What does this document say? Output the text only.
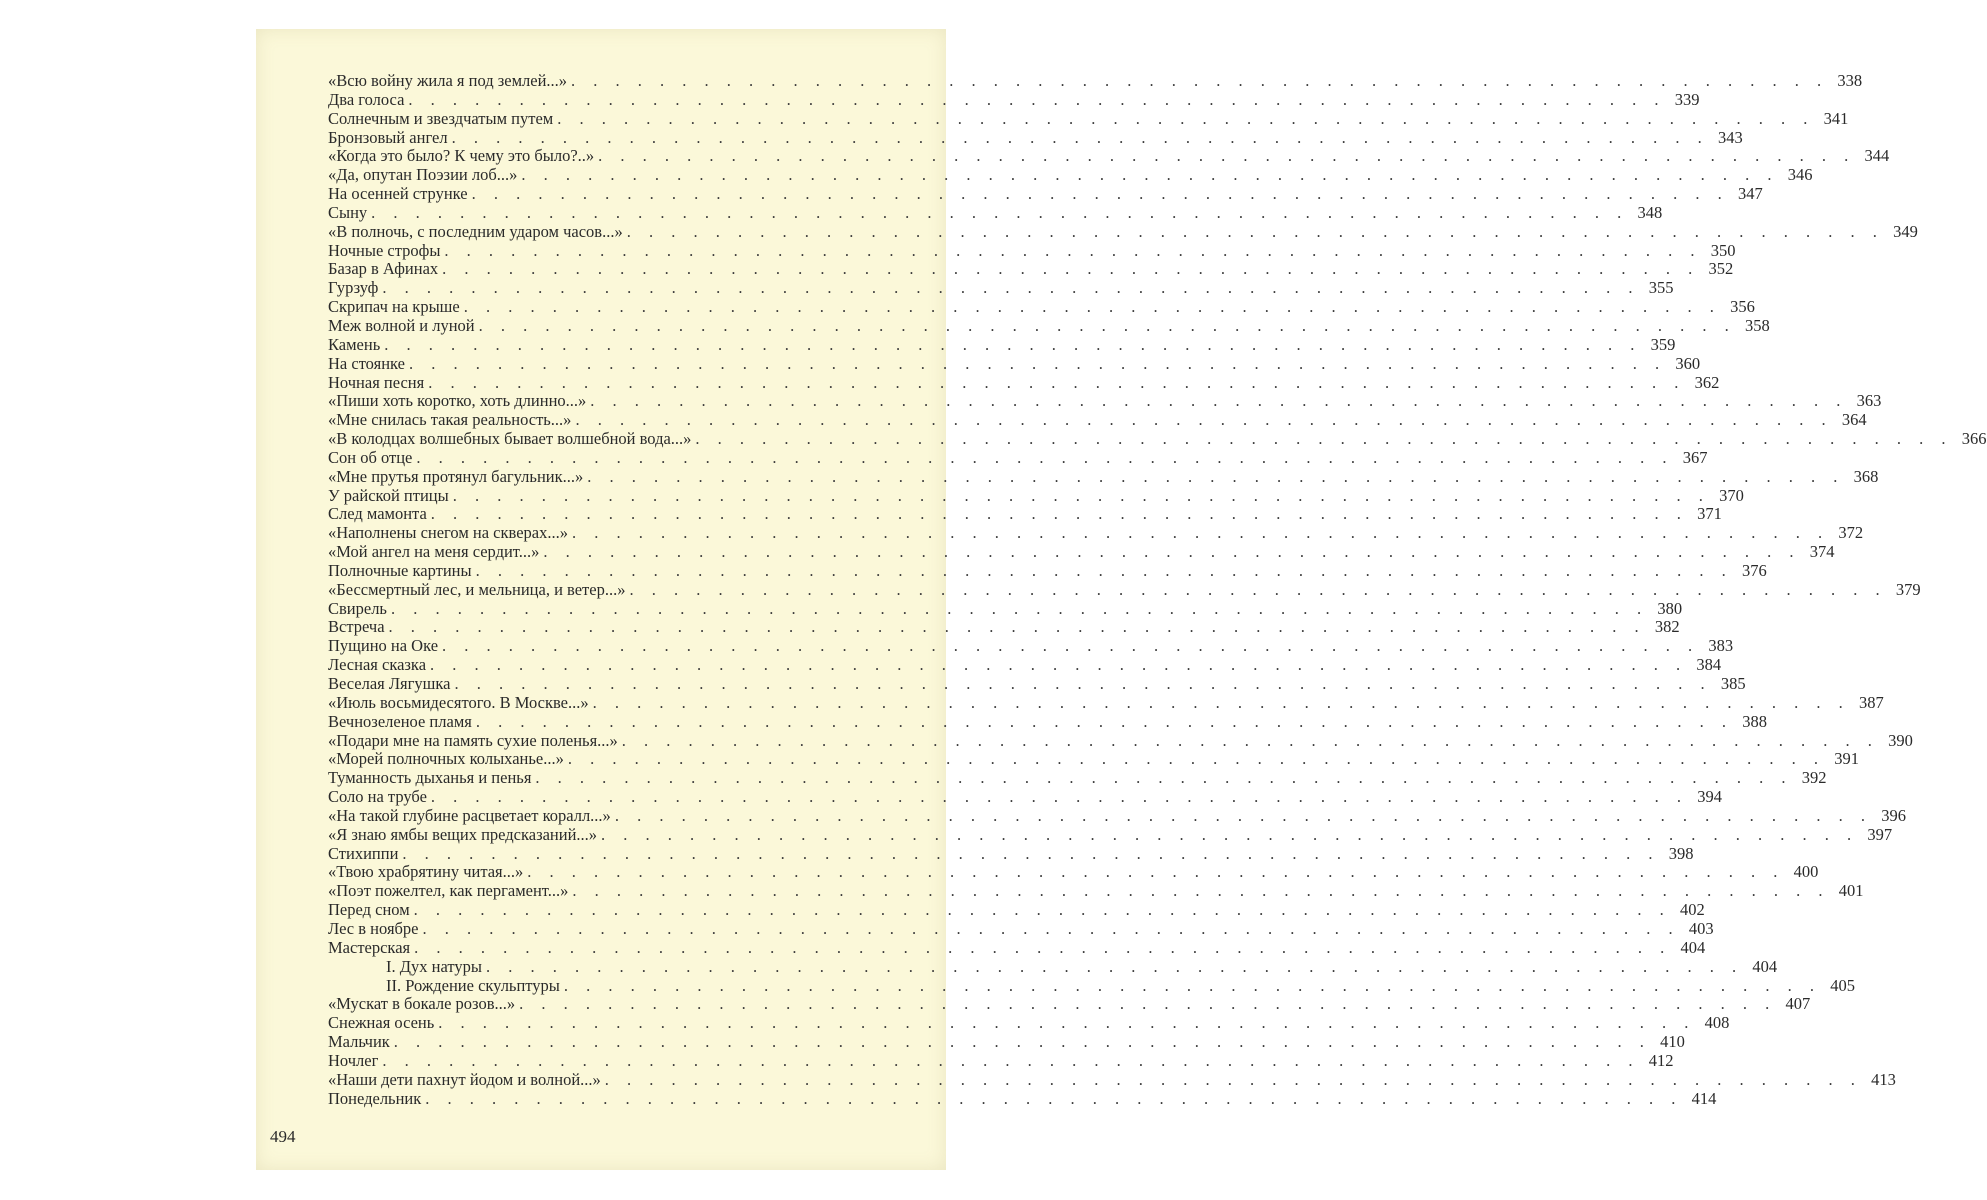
«Всю войну жила я под землей...» . . .	338
Два голоса . . .	339
Солнечным и звездчатым путем . . .	341
Бронзовый ангел . . .	343
«Когда это было? К чему это было?..» . . .	344
«Да, опутан Поэзии лоб...» . . .	346
На осенней струнке . . .	347
Сыну . . .	348
«В полночь, с последним ударом часов...» . . .	349
Ночные строфы . . .	350
Базар в Афинах . . .	352
Гурзуф . . .	355
Скрипач на крыше . . .	356
Меж волной и луной . . .	358
Камень . . .	359
На стоянке . . .	360
Ночная песня . . .	362
«Пиши хоть коротко, хоть длинно...» . . .	363
«Мне снилась такая реальность...» . . .	364
«В колодцах волшебных бывает волшебной вода...» . . .	366
Сон об отце . . .	367
«Мне прутья протянул багульник...» . . .	368
У райской птицы . . .	370
След мамонта . . .	371
«Наполнены снегом на скверах...» . . .	372
«Мой ангел на меня сердит...» . . .	374
Полночные картины . . .	376
«Бессмертный лес, и мельница, и ветер...» . . .	379
Свирель . . .	380
Встреча . . .	382
Пущино на Оке . . .	383
Лесная сказка . . .	384
Веселая Лягушка . . .	385
«Июль восьмидесятого. В Москве...» . . .	387
Вечнозеленое пламя . . .	388
«Подари мне на память сухие поленья...» . . .	390
«Морей полночных колыханье...» . . .	391
Туманность дыханья и пенья . . .	392
Соло на трубе . . .	394
«На такой глубине расцветает коралл...» . . .	396
«Я знаю ямбы вещих предсказаний...» . . .	397
Стихиппи . . .	398
«Твою храбрятину читая...» . . .	400
«Поэт пожелтел, как пергамент...» . . .	401
Перед сном . . .	402
Лес в ноябре . . .	403
Мастерская . . .	404
I. Дух натуры . . .	404
II. Рождение скульптуры . . .	405
«Мускат в бокале розов...» . . .	407
Снежная осень . . .	408
Мальчик . . .	410
Ночлег . . .	412
«Наши дети пахнут йодом и волной...» . . .	413
Понедельник . . .	414
494
